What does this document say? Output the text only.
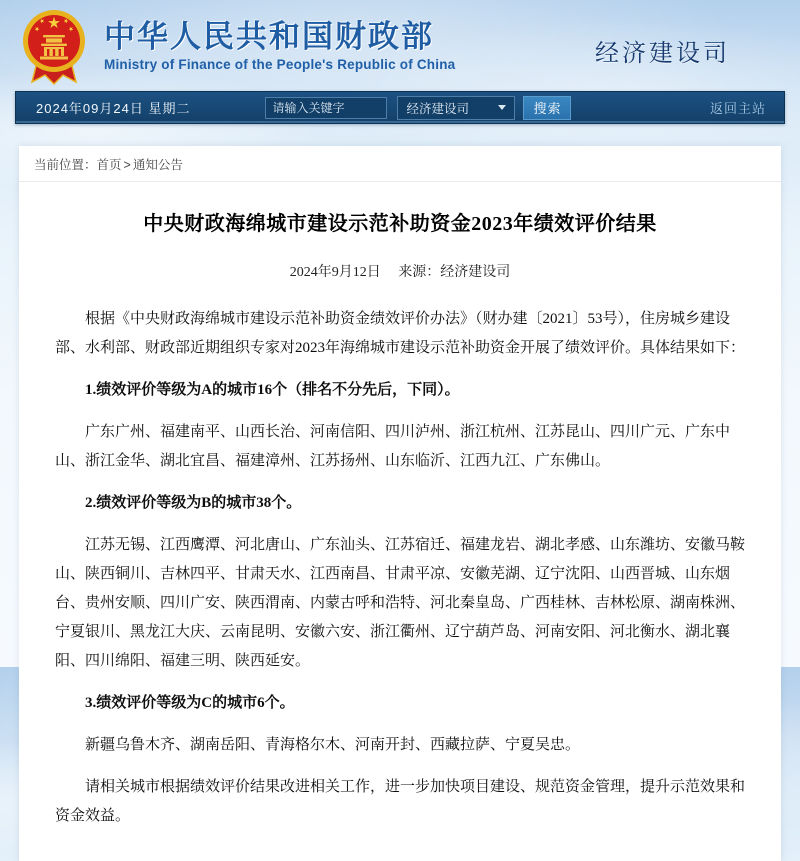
中华人民共和国财政部
Ministry of Finance of the People's Republic of China	经济建设司
2024年09月24日 星期二
请输入关键字	经济建设司	搜索	返回主站
当前位置：首页 > 通知公告
中央财政海绵城市建设示范补助资金2023年绩效评价结果
2024年9月12日 来源：经济建设司

根据《中央财政海绵城市建设示范补助资金绩效评价办法》（财办建〔2021〕53号），住房城乡建设部、水利部、财政部近期组织专家对2023年海绵城市建设示范补助资金开展了绩效评价。具体结果如下：

1.绩效评价等级为A的城市16个（排名不分先后，下同）。

广东广州、福建南平、山西长治、河南信阳、四川泸州、浙江杭州、江苏昆山、四川广元、广东中山、浙江金华、湖北宜昌、福建漳州、江苏扬州、山东临沂、江西九江、广东佛山。

2.绩效评价等级为B的城市38个。

江苏无锡、江西鹰潭、河北唐山、广东汕头、江苏宿迁、福建龙岩、湖北孝感、山东潍坊、安徽马鞍山、陕西铜川、吉林四平、甘肃天水、江西南昌、甘肃平凉、安徽芜湖、辽宁沈阳、山西晋城、山东烟台、贵州安顺、四川广安、陕西渭南、内蒙古呼和浩特、河北秦皇岛、广西桂林、吉林松原、湖南株洲、宁夏银川、黑龙江大庆、云南昆明、安徽六安、浙江衢州、辽宁葫芦岛、河南安阳、河北衡水、湖北襄阳、四川绵阳、福建三明、陕西延安。

3.绩效评价等级为C的城市6个。

新疆乌鲁木齐、湖南岳阳、青海格尔木、河南开封、西藏拉萨、宁夏吴忠。

请相关城市根据绩效评价结果改进相关工作，进一步加快项目建设、规范资金管理，提升示范效果和资金效益。
